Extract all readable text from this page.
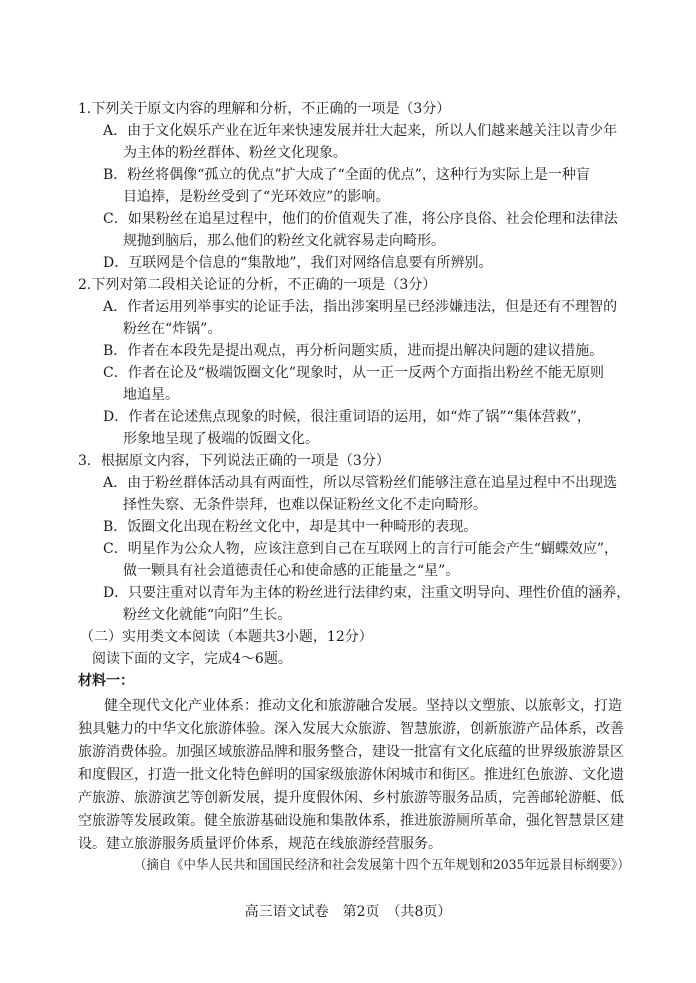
1.下列关于原文内容的理解和分析，不正确的一项是（3分）
A．由于文化娱乐产业在近年来快速发展并壮大起来，所以人们越来越关注以青少年
为主体的粉丝群体、粉丝文化现象。
B．粉丝将偶像“孤立的优点”扩大成了“全面的优点”，这种行为实际上是一种盲
目追捧，是粉丝受到了“光环效应”的影响。
C．如果粉丝在追星过程中，他们的价值观失了准，将公序良俗、社会伦理和法律法
规抛到脑后，那么他们的粉丝文化就容易走向畸形。
D．互联网是个信息的“集散地”，我们对网络信息要有所辨别。
2.下列对第二段相关论证的分析，不正确的一项是（3分）
A．作者运用列举事实的论证手法，指出涉案明星已经涉嫌违法，但是还有不理智的
粉丝在“炸锅”。
B．作者在本段先是提出观点，再分析问题实质，进而提出解决问题的建议措施。
C．作者在论及“极端饭圈文化”现象时，从一正一反两个方面指出粉丝不能无原则
地追星。
D．作者在论述焦点现象的时候，很注重词语的运用，如“炸了锅”“集体营救”，
形象地呈现了极端的饭圈文化。
3．根据原文内容，下列说法正确的一项是（3分）
A．由于粉丝群体活动具有两面性，所以尽管粉丝们能够注意在追星过程中不出现选
择性失察、无条件崇拜，也难以保证粉丝文化不走向畸形。
B．饭圈文化出现在粉丝文化中，却是其中一种畸形的表现。
C．明星作为公众人物，应该注意到自己在互联网上的言行可能会产生“蝴蝶效应”，
做一颗具有社会道德责任心和使命感的正能量之“星”。
D．只要注重对以青年为主体的粉丝进行法律约束，注重文明导向、理性价值的涵养，
粉丝文化就能“向阳”生长。
（二）实用类文本阅读（本题共3小题，12分）
阅读下面的文字，完成4～6题。
材料一：
健全现代文化产业体系：推动文化和旅游融合发展。坚持以文塑旅、以旅彰文，打造
独具魅力的中华文化旅游体验。深入发展大众旅游、智慧旅游，创新旅游产品体系，改善
旅游消费体验。加强区域旅游品牌和服务整合，建设一批富有文化底蕴的世界级旅游景区
和度假区，打造一批文化特色鲜明的国家级旅游休闲城市和街区。推进红色旅游、文化遗
产旅游、旅游演艺等创新发展，提升度假休闲、乡村旅游等服务品质，完善邮轮游艇、低
空旅游等发展政策。健全旅游基础设施和集散体系，推进旅游厕所革命，强化智慧景区建
设。建立旅游服务质量评价体系，规范在线旅游经营服务。
（摘自《中华人民共和国国民经济和社会发展第十四个五年规划和2035年远景目标纲要》）
高三语文试卷　第2页　（共8页）
